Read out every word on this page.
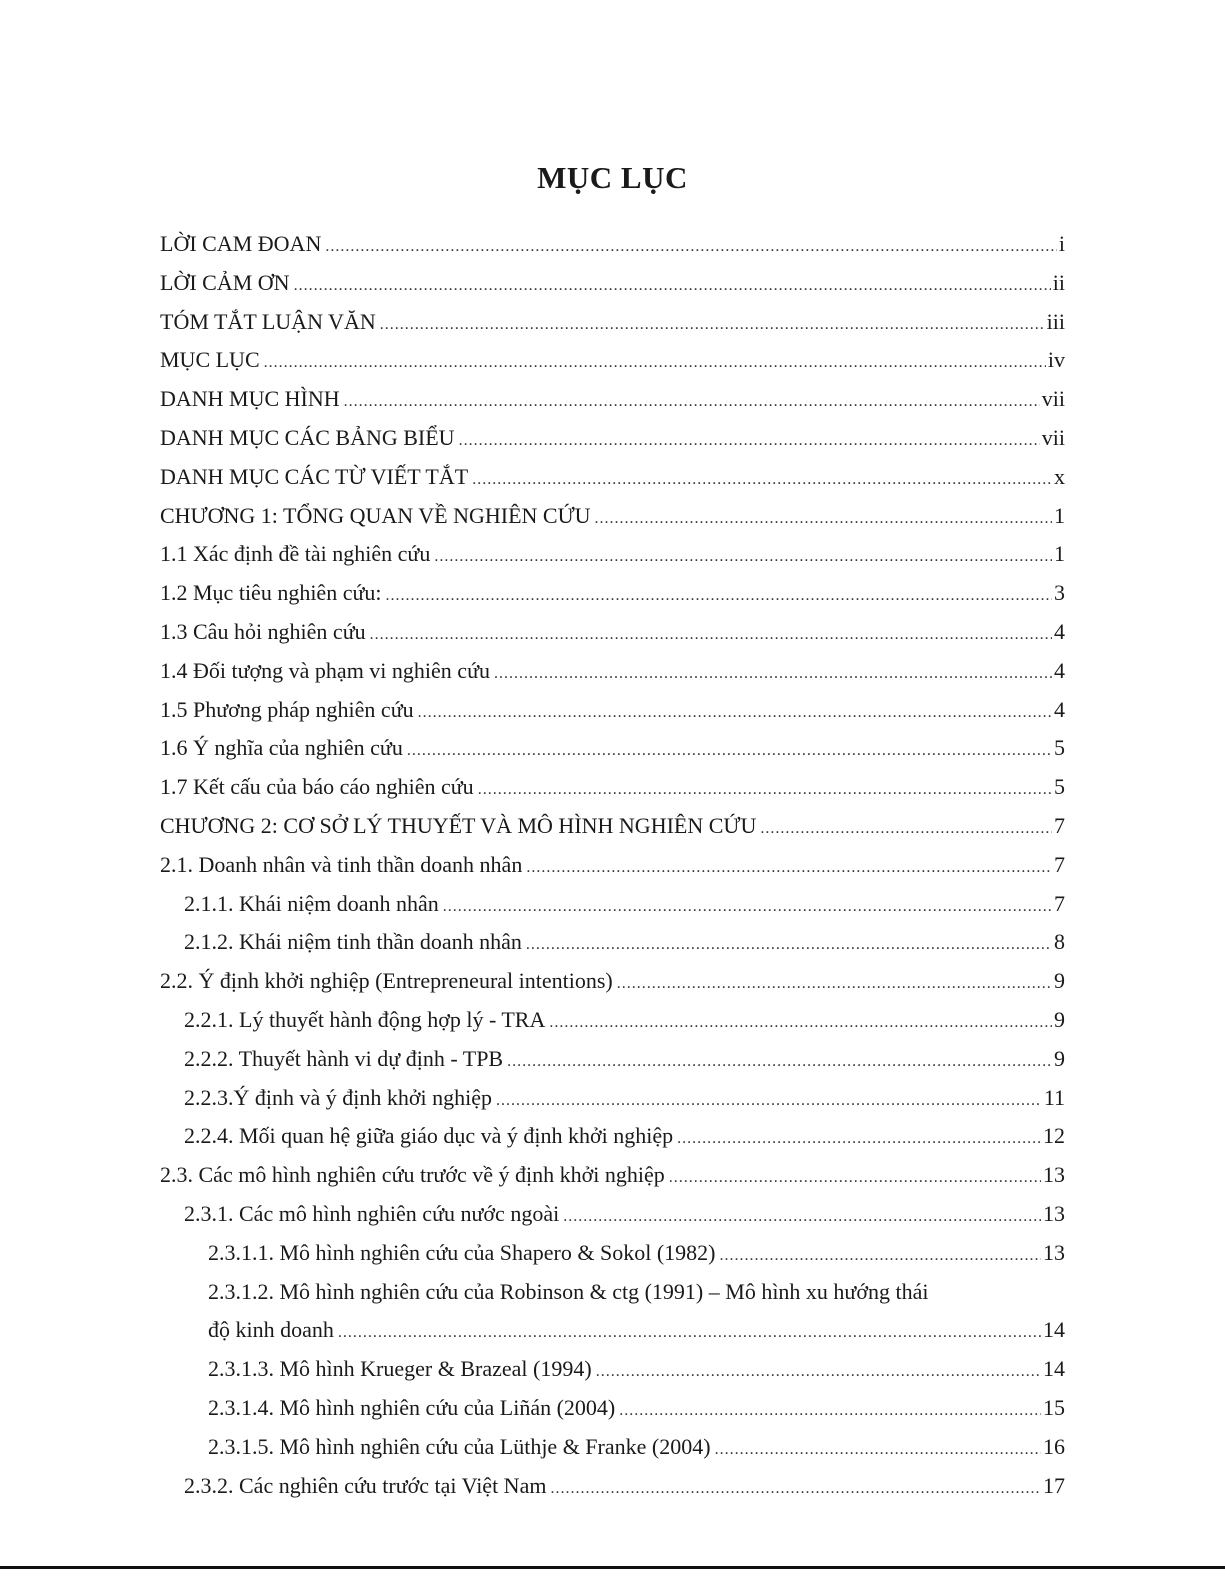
MỤC LỤC
LỜI CAM ĐOAN .....	i
LỜI CẢM ƠN .....	ii
TÓM TẮT LUẬN VĂN .....	iii
MỤC LỤC .....	iv
DANH MỤC HÌNH .....	vii
DANH MỤC CÁC BẢNG BIỂU .....	vii
DANH MỤC CÁC TỪ VIẾT TẮT .....	x
CHƯƠNG 1: TỔNG QUAN VỀ NGHIÊN CỨU .....	1
1.1 Xác định đề tài nghiên cứu .....	1
1.2 Mục tiêu nghiên cứu: .....	3
1.3 Câu hỏi nghiên cứu .....	4
1.4 Đối tượng và phạm vi nghiên cứu .....	4
1.5 Phương pháp nghiên cứu .....	4
1.6 Ý nghĩa của nghiên cứu .....	5
1.7 Kết cấu của báo cáo nghiên cứu .....	5
CHƯƠNG 2: CƠ SỞ LÝ THUYẾT VÀ MÔ HÌNH NGHIÊN CỨU .....	7
2.1. Doanh nhân và tinh thần doanh nhân .....	7
2.1.1. Khái niệm doanh nhân .....	7
2.1.2. Khái niệm tinh thần doanh nhân .....	8
2.2. Ý định khởi nghiệp (Entrepreneural intentions) .....	9
2.2.1. Lý thuyết hành động hợp lý - TRA .....	9
2.2.2. Thuyết hành vi dự định - TPB .....	9
2.2.3.Ý định và ý định khởi nghiệp .....	11
2.2.4. Mối quan hệ giữa giáo dục và ý định khởi nghiệp .....	12
2.3. Các mô hình nghiên cứu trước về ý định khởi nghiệp .....	13
2.3.1. Các mô hình nghiên cứu nước ngoài .....	13
2.3.1.1. Mô hình nghiên cứu của Shapero & Sokol (1982) .....	13
2.3.1.2. Mô hình nghiên cứu của Robinson & ctg (1991) – Mô hình xu hướng thái
độ kinh doanh .....	14
2.3.1.3. Mô hình Krueger & Brazeal (1994) .....	14
2.3.1.4. Mô hình nghiên cứu của Liñán (2004) .....	15
2.3.1.5. Mô hình nghiên cứu của Lüthje & Franke (2004) .....	16
2.3.2. Các nghiên cứu trước tại Việt Nam .....	17
